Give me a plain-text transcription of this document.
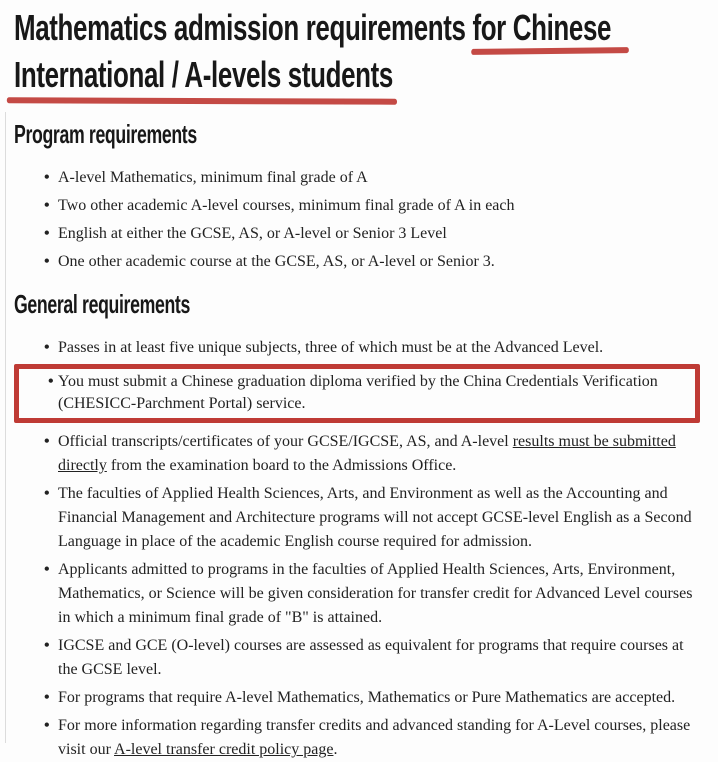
Mathematics admission requirements for Chinese
International / A-levels students
Program requirements
• A-level Mathematics, minimum final grade of A
• Two other academic A-level courses, minimum final grade of A in each
• English at either the GCSE, AS, or A-level or Senior 3 Level
• One other academic course at the GCSE, AS, or A-level or Senior 3.
General requirements
• Passes in at least five unique subjects, three of which must be at the Advanced Level.
• You must submit a Chinese graduation diploma verified by the China Credentials Verification (CHESICC-Parchment Portal) service.
• Official transcripts/certificates of your GCSE/IGCSE, AS, and A-level results must be submitted directly from the examination board to the Admissions Office.
• The faculties of Applied Health Sciences, Arts, and Environment as well as the Accounting and Financial Management and Architecture programs will not accept GCSE-level English as a Second Language in place of the academic English course required for admission.
• Applicants admitted to programs in the faculties of Applied Health Sciences, Arts, Environment, Mathematics, or Science will be given consideration for transfer credit for Advanced Level courses in which a minimum final grade of "B" is attained.
• IGCSE and GCE (O-level) courses are assessed as equivalent for programs that require courses at the GCSE level.
• For programs that require A-level Mathematics, Mathematics or Pure Mathematics are accepted.
• For more information regarding transfer credits and advanced standing for A-Level courses, please visit our A-level transfer credit policy page.
